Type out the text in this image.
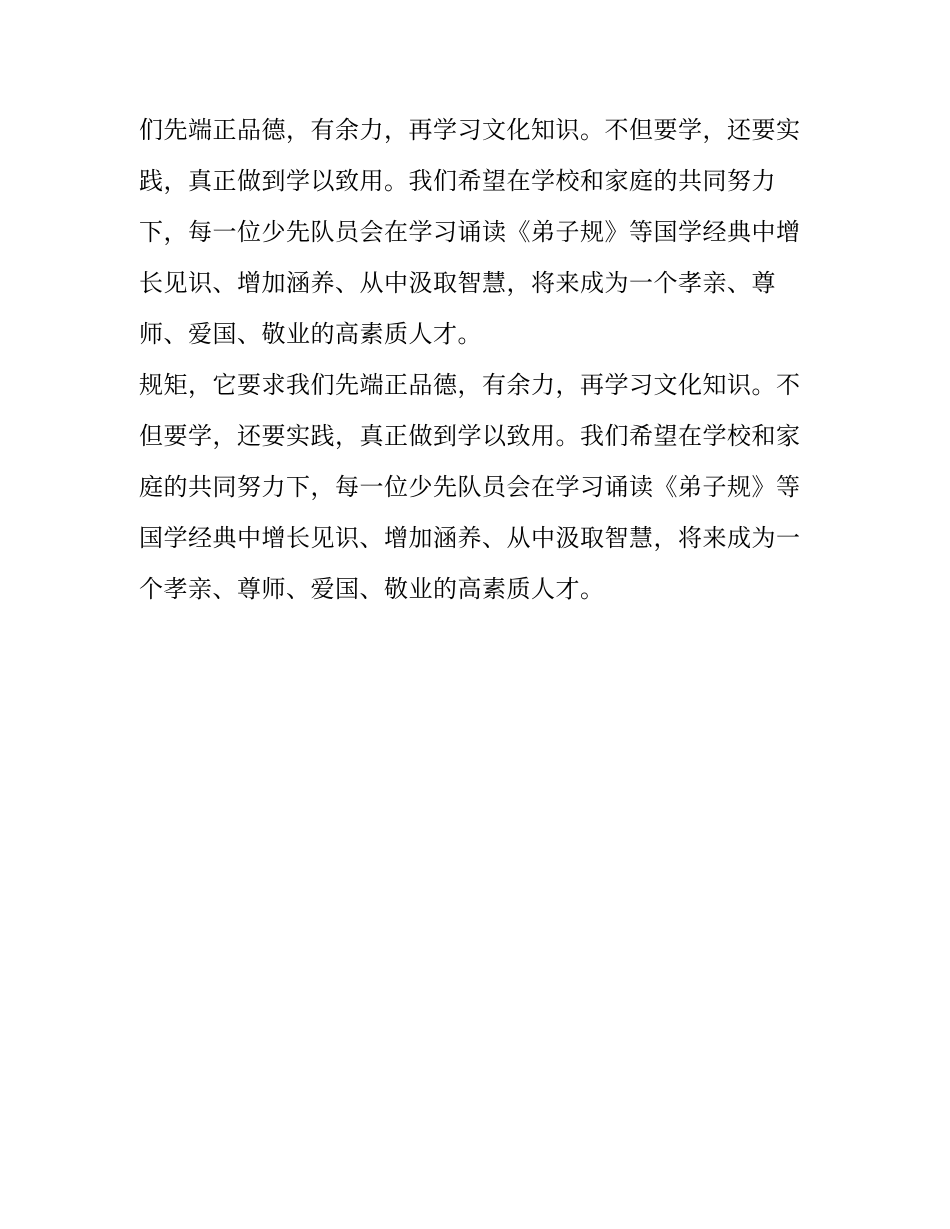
们先端正品德，有余力，再学习文化知识。不但要学，还要实
践，真正做到学以致用。我们希望在学校和家庭的共同努力
下，每一位少先队员会在学习诵读《弟子规》等国学经典中增
长见识、增加涵养、从中汲取智慧，将来成为一个孝亲、尊
师、爱国、敬业的高素质人才。

规矩，它要求我们先端正品德，有余力，再学习文化知识。不
但要学，还要实践，真正做到学以致用。我们希望在学校和家
庭的共同努力下，每一位少先队员会在学习诵读《弟子规》等
国学经典中增长见识、增加涵养、从中汲取智慧，将来成为一
个孝亲、尊师、爱国、敬业的高素质人才。
